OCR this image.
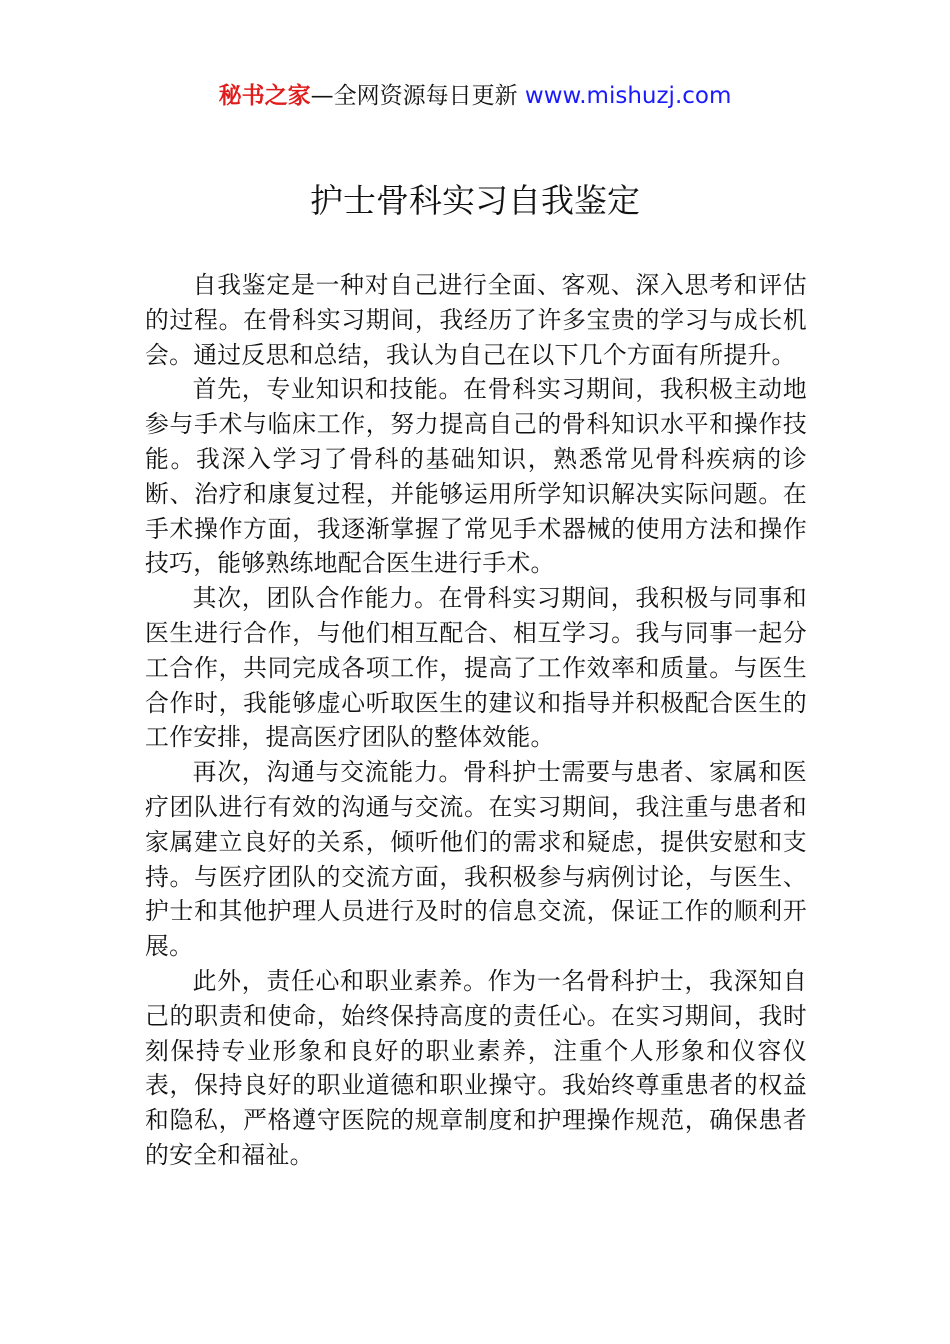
秘书之家—全网资源每日更新 www.mishuzj.com
护士骨科实习自我鉴定

自我鉴定是一种对自己进行全面、客观、深入思考和评估的过程。在骨科实习期间，我经历了许多宝贵的学习与成长机会。通过反思和总结，我认为自己在以下几个方面有所提升。

首先，专业知识和技能。在骨科实习期间，我积极主动地参与手术与临床工作，努力提高自己的骨科知识水平和操作技能。我深入学习了骨科的基础知识，熟悉常见骨科疾病的诊断、治疗和康复过程，并能够运用所学知识解决实际问题。在手术操作方面，我逐渐掌握了常见手术器械的使用方法和操作技巧，能够熟练地配合医生进行手术。

其次，团队合作能力。在骨科实习期间，我积极与同事和医生进行合作，与他们相互配合、相互学习。我与同事一起分工合作，共同完成各项工作，提高了工作效率和质量。与医生合作时，我能够虚心听取医生的建议和指导并积极配合医生的工作安排，提高医疗团队的整体效能。

再次，沟通与交流能力。骨科护士需要与患者、家属和医疗团队进行有效的沟通与交流。在实习期间，我注重与患者和家属建立良好的关系，倾听他们的需求和疑虑，提供安慰和支持。与医疗团队的交流方面，我积极参与病例讨论，与医生、护士和其他护理人员进行及时的信息交流，保证工作的顺利开展。

此外，责任心和职业素养。作为一名骨科护士，我深知自己的职责和使命，始终保持高度的责任心。在实习期间，我时刻保持专业形象和良好的职业素养，注重个人形象和仪容仪表，保持良好的职业道德和职业操守。我始终尊重患者的权益和隐私，严格遵守医院的规章制度和护理操作规范，确保患者的安全和福祉。
